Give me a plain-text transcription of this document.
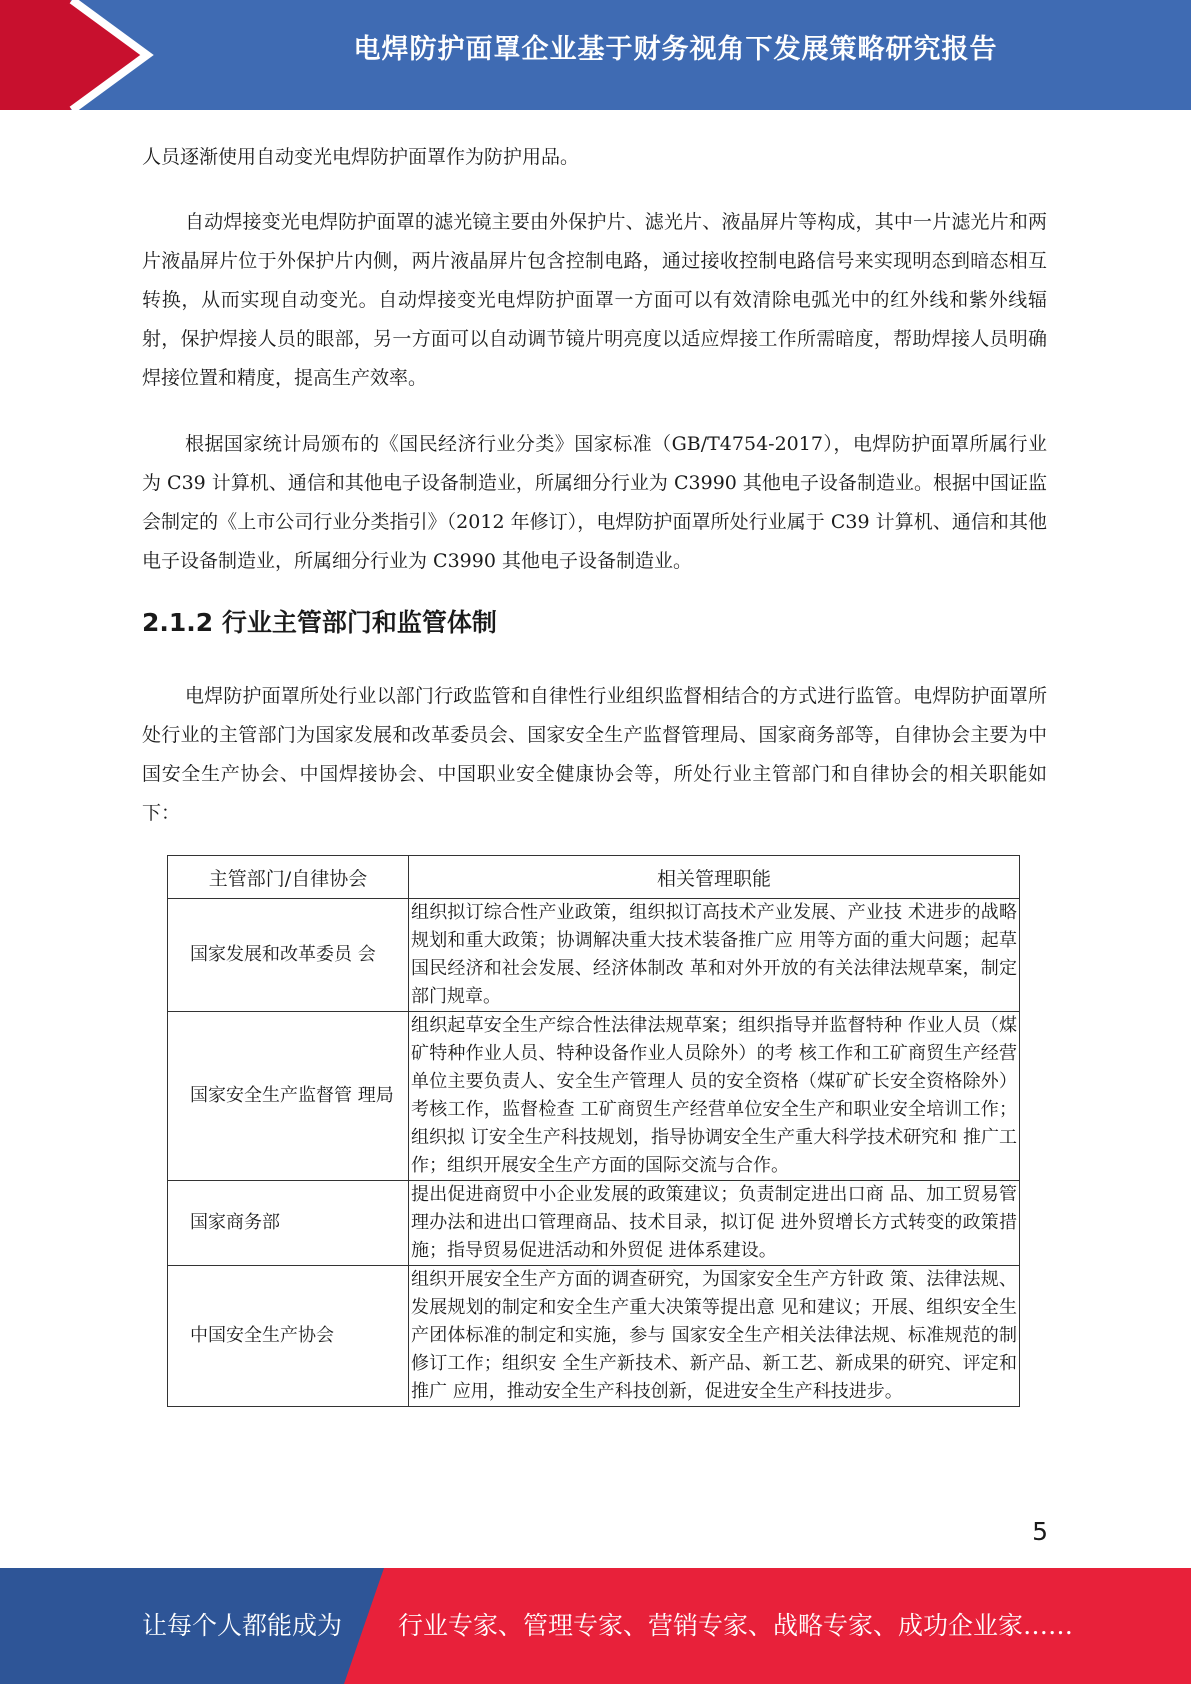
电焊防护面罩企业基于财务视角下发展策略研究报告

人员逐渐使用自动变光电焊防护面罩作为防护用品。

自动焊接变光电焊防护面罩的滤光镜主要由外保护片、滤光片、液晶屏片等构成，其中一片滤光片和两片液晶屏片位于外保护片内侧，两片液晶屏片包含控制电路，通过接收控制电路信号来实现明态到暗态相互转换，从而实现自动变光。自动焊接变光电焊防护面罩一方面可以有效清除电弧光中的红外线和紫外线辐射，保护焊接人员的眼部，另一方面可以自动调节镜片明亮度以适应焊接工作所需暗度，帮助焊接人员明确焊接位置和精度，提高生产效率。

根据国家统计局颁布的《国民经济行业分类》国家标准（GB/T4754-2017），电焊防护面罩所属行业为 C39 计算机、通信和其他电子设备制造业，所属细分行业为 C3990 其他电子设备制造业。根据中国证监会制定的《上市公司行业分类指引》（2012 年修订），电焊防护面罩所处行业属于 C39 计算机、通信和其他电子设备制造业，所属细分行业为 C3990 其他电子设备制造业。

2.1.2 行业主管部门和监管体制

电焊防护面罩所处行业以部门行政监管和自律性行业组织监督相结合的方式进行监管。电焊防护面罩所处行业的主管部门为国家发展和改革委员会、国家安全生产监督管理局、国家商务部等，自律协会主要为中国安全生产协会、中国焊接协会、中国职业安全健康协会等，所处行业主管部门和自律协会的相关职能如下：

主管部门/自律协会	相关管理职能
国家发展和改革委员 会	组织拟订综合性产业政策，组织拟订高技术产业发展、产业技 术进步的战略规划和重大政策；协调解决重大技术装备推广应 用等方面的重大问题；起草国民经济和社会发展、经济体制改 革和对外开放的有关法律法规草案，制定部门规章。
国家安全生产监督管 理局	组织起草安全生产综合性法律法规草案；组织指导并监督特种 作业人员（煤矿特种作业人员、特种设备作业人员除外）的考 核工作和工矿商贸生产经营单位主要负责人、安全生产管理人 员的安全资格（煤矿矿长安全资格除外）考核工作，监督检查 工矿商贸生产经营单位安全生产和职业安全培训工作；组织拟 订安全生产科技规划，指导协调安全生产重大科学技术研究和 推广工作；组织开展安全生产方面的国际交流与合作。
国家商务部	提出促进商贸中小企业发展的政策建议；负责制定进出口商 品、加工贸易管理办法和进出口管理商品、技术目录，拟订促 进外贸增长方式转变的政策措施；指导贸易促进活动和外贸促 进体系建设。
中国安全生产协会	组织开展安全生产方面的调查研究，为国家安全生产方针政 策、法律法规、发展规划的制定和安全生产重大决策等提出意 见和建议；开展、组织安全生产团体标准的制定和实施，参与 国家安全生产相关法律法规、标准规范的制修订工作；组织安 全生产新技术、新产品、新工艺、新成果的研究、评定和推广 应用，推动安全生产科技创新，促进安全生产科技进步。
5
让每个人都能成为 行业专家、管理专家、营销专家、战略专家、成功企业家……
